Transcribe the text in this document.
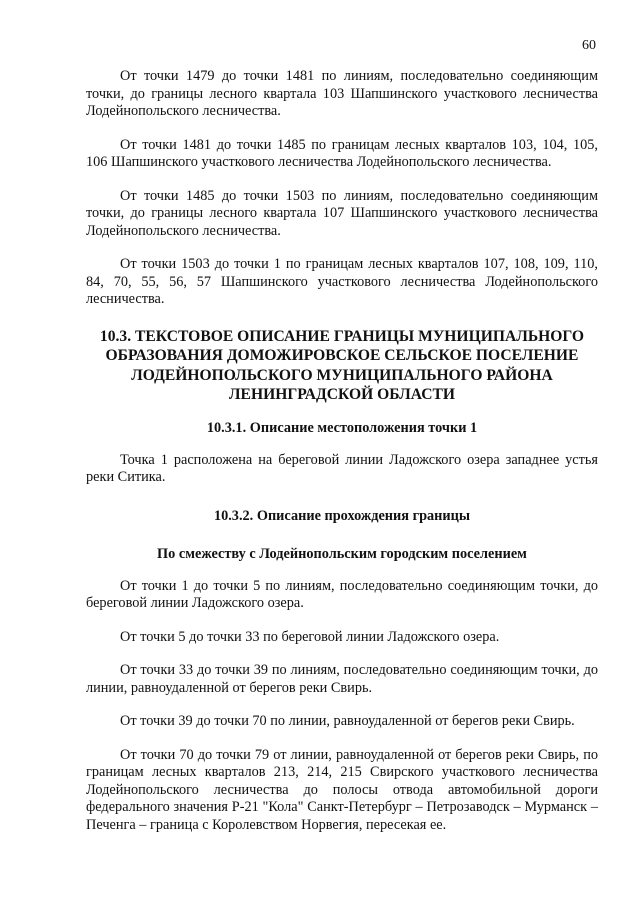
60

От точки 1479 до точки 1481 по линиям, последовательно соединяющим точки, до границы лесного квартала 103 Шапшинского участкового лесничества Лодейнопольского лесничества.

От точки 1481 до точки 1485 по границам лесных кварталов 103, 104, 105, 106 Шапшинского участкового лесничества Лодейнопольского лесничества.

От точки 1485 до точки 1503 по линиям, последовательно соединяющим точки, до границы лесного квартала 107 Шапшинского участкового лесничества Лодейнопольского лесничества.

От точки 1503 до точки 1 по границам лесных кварталов 107, 108, 109, 110, 84, 70, 55, 56, 57 Шапшинского участкового лесничества Лодейнопольского лесничества.

10.3. ТЕКСТОВОЕ ОПИСАНИЕ ГРАНИЦЫ МУНИЦИПАЛЬНОГО ОБРАЗОВАНИЯ ДОМОЖИРОВСКОЕ СЕЛЬСКОЕ ПОСЕЛЕНИЕ ЛОДЕЙНОПОЛЬСКОГО МУНИЦИПАЛЬНОГО РАЙОНА ЛЕНИНГРАДСКОЙ ОБЛАСТИ
10.3.1. Описание местоположения точки 1

Точка 1 расположена на береговой линии Ладожского озера западнее устья реки Ситика.

10.3.2. Описание прохождения границы
По смежеству с Лодейнопольским городским поселением

От точки 1 до точки 5 по линиям, последовательно соединяющим точки, до береговой линии Ладожского озера.

От точки 5 до точки 33 по береговой линии Ладожского озера.

От точки 33 до точки 39 по линиям, последовательно соединяющим точки, до линии, равноудаленной от берегов реки Свирь.

От точки 39 до точки 70 по линии, равноудаленной от берегов реки Свирь.

От точки 70 до точки 79 от линии, равноудаленной от берегов реки Свирь, по границам лесных кварталов 213, 214, 215 Свирского участкового лесничества Лодейнопольского лесничества до полосы отвода автомобильной дороги федерального значения Р-21 "Кола" Санкт-Петербург – Петрозаводск – Мурманск – Печенга – граница с Королевством Норвегия, пересекая ее.
